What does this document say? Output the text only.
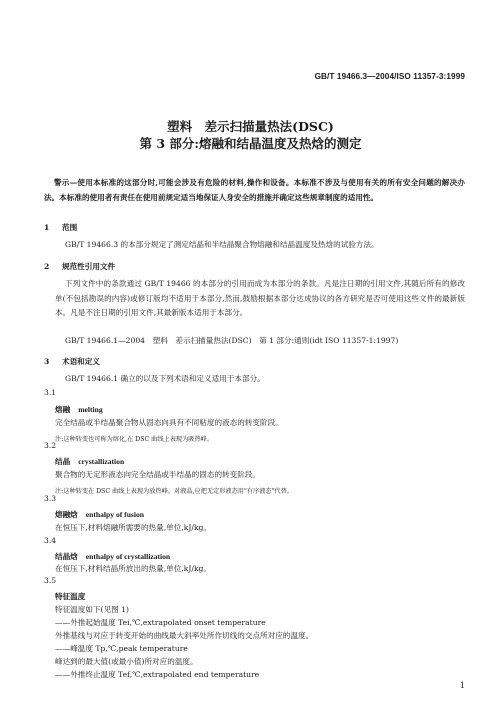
GB/T 19466.3—2004/ISO 11357-3:1999
塑料　差示扫描量热法(DSC)
第 3 部分:熔融和结晶温度及热焓的测定
警示—使用本标准的这部分时,可能会涉及有危险的材料,操作和设备。本标准不涉及与使用有关的所有安全问题的解决办法。本标准的使用者有责任在使用前规定适当地保证人身安全的措施并确定这些规章制度的适用性。
1 范围
GB/T 19466.3 的本部分规定了测定结晶和半结晶聚合物熔融和结晶温度及热焓的试验方法。
2 规范性引用文件
下列文件中的条款通过 GB/T 19466 的本部分的引用而成为本部分的条款。凡是注日期的引用文件,其随后所有的修改单(不包括勘误的内容)或修订版均不适用于本部分,然而,鼓励根据本部分达成协议的各方研究是否可使用这些文件的最新版本。凡是不注日期的引用文件,其最新版本适用于本部分。
GB/T 19466.1—2004　塑料　差示扫描量热法(DSC)　第 1 部分:通则(idt ISO 11357-1:1997)
3 术语和定义
GB/T 19466.1 确立的以及下列术语和定义适用于本部分。
3.1
熔融 melting
完全结晶或半结晶聚合物从固态向具有不同粘度的液态的转变阶段。
注:这种转变也可称为熔化,在 DSC 曲线上表现为吸热峰。
3.2
结晶 crystallization
聚合物的无定形液态向完全结晶或半结晶的固态的转变阶段。
注:这种转变在 DSC 曲线上表现为放热峰。对液晶,应把无定形液态用"有序液态"代替。
3.3
熔融焓 enthalpy of fusion
在恒压下,材料熔融所需要的热量,单位,kJ/kg。
3.4
结晶焓 enthalpy of crystallization
在恒压下,材料结晶所放出的热量,单位,kJ/kg。
3.5
特征温度
特征温度如下(见图 1)
——外推起始温度 Tei,℃,extrapolated onset temperature
外推基线与对应于转变开始的曲线最大斜率处所作切线的交点所对应的温度。
——峰温度 Tp,℃,peak temperature
峰达到的最大值(或最小值)所对应的温度。
——外推终止温度 Tef,℃,extrapolated end temperature
1
